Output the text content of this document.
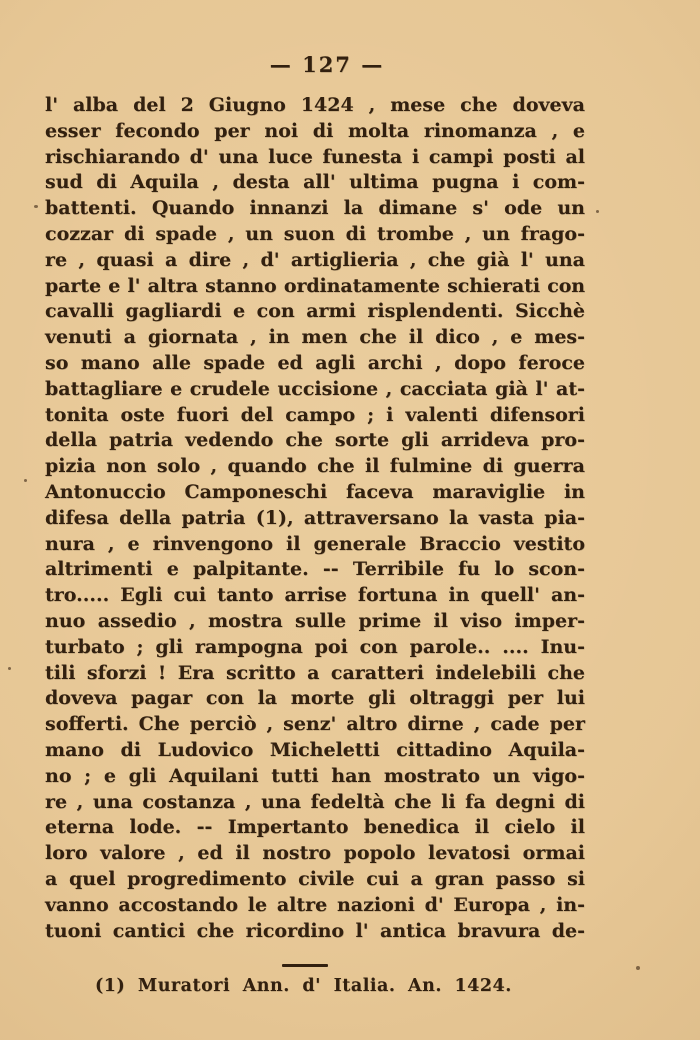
— 127 —
l' alba del 2 Giugno 1424 , mese che doveva
esser fecondo per noi di molta rinomanza , e
rischiarando d' una luce funesta i campi posti al
sud di Aquila , desta all' ultima pugna i com-
battenti. Quando innanzi la dimane s' ode un
cozzar di spade , un suon di trombe , un frago-
re , quasi a dire , d' artiglieria , che già l' una
parte e l' altra stanno ordinatamente schierati con
cavalli gagliardi e con armi risplendenti. Sicchè
venuti a giornata , in men che il dico , e mes-
so mano alle spade ed agli archi , dopo feroce
battagliare e crudele uccisione , cacciata già l' at-
tonita oste fuori del campo ; i valenti difensori
della patria vedendo che sorte gli arrideva pro-
pizia non solo , quando che il fulmine di guerra
Antonuccio Camponeschi faceva maraviglie in
difesa della patria (1), attraversano la vasta pia-
nura , e rinvengono il generale Braccio vestito
altrimenti e palpitante. -- Terribile fu lo scon-
tro..... Egli cui tanto arrise fortuna in quell' an-
nuo assedio , mostra sulle prime il viso imper-
turbato ; gli rampogna poi con parole.. .... Inu-
tili sforzi ! Era scritto a caratteri indelebili che
doveva pagar con la morte gli oltraggi per lui
sofferti. Che perciò , senz' altro dirne , cade per
mano di Ludovico Micheletti cittadino Aquila-
no ; e gli Aquilani tutti han mostrato un vigo-
re , una costanza , una fedeltà che li fa degni di
eterna lode. -- Impertanto benedica il cielo il
loro valore , ed il nostro popolo levatosi ormai
a quel progredimento civile cui a gran passo si
vanno accostando le altre nazioni d' Europa , in-
tuoni cantici che ricordino l' antica bravura de-
(1) Muratori Ann. d' Italia. An. 1424.
